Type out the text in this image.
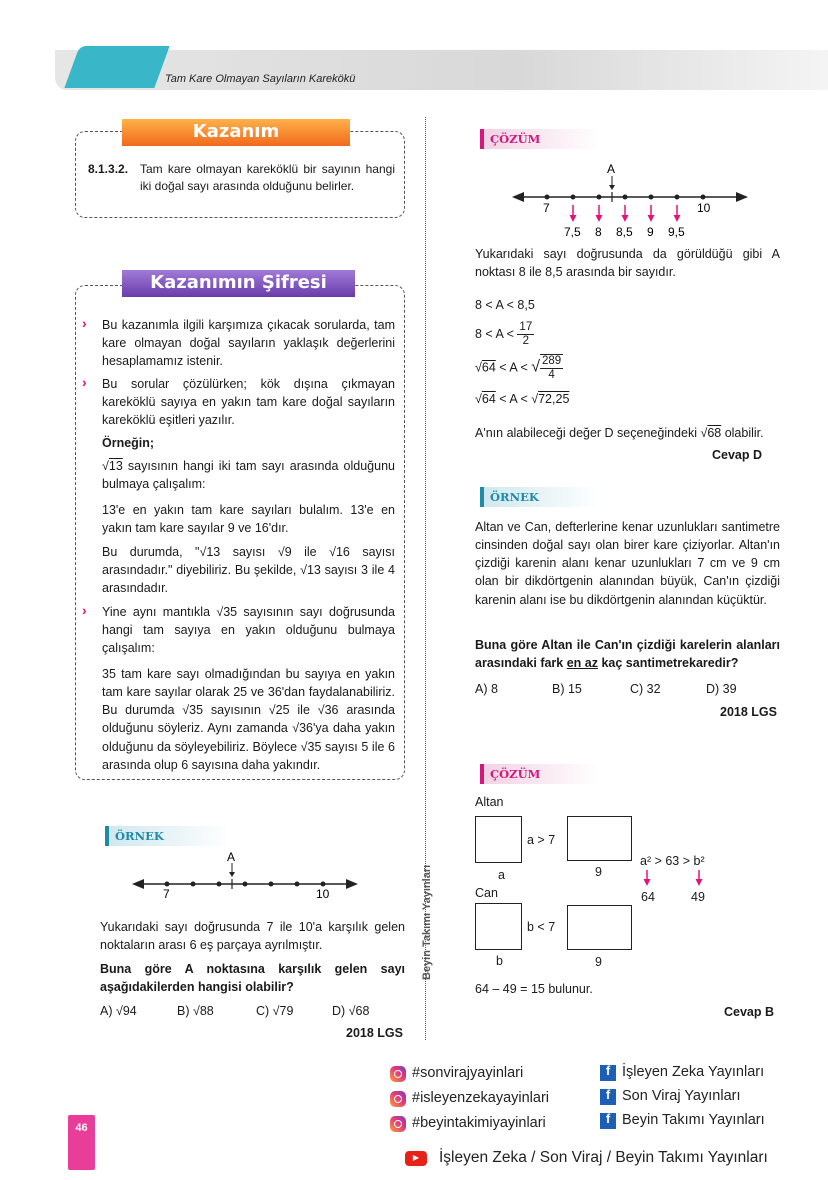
Tam Kare Olmayan Sayıların Karekökü
Kazanım
8.1.3.2. Tam kare olmayan kareköklü bir sayının hangi iki doğal sayı arasında olduğunu belirler.
Kazanımın Şifresi
› Bu kazanımla ilgili karşımıza çıkacak sorularda, tam kare olmayan doğal sayıların yaklaşık değerlerini hesaplamamız istenir.
› Bu sorular çözülürken; kök dışına çıkmayan kareköklü sayıya en yakın tam kare doğal sayıların kareköklü eşitleri yazılır.
Örneğin;
√13 sayısının hangi iki tam sayı arasında olduğunu bulmaya çalışalım:
13'e en yakın tam kare sayıları bulalım. 13'e en yakın tam kare sayılar 9 ve 16'dır.
Bu durumda, "√13 sayısı √9 ile √16 sayısı arasındadır." diyebiliriz. Bu şekilde, √13 sayısı 3 ile 4 arasındadır.
› Yine aynı mantıkla √35 sayısının sayı doğrusunda hangi tam sayıya en yakın olduğunu bulmaya çalışalım:
35 tam kare sayı olmadığından bu sayıya en yakın tam kare sayılar olarak 25 ve 36'dan faydalanabiliriz. Bu durumda √35 sayısının √25 ile √36 arasında olduğunu söyleriz. Aynı zamanda √36'ya daha yakın olduğunu da söyleyebiliriz. Böylece √35 sayısı 5 ile 6 arasında olup 6 sayısına daha yakındır.
ÖRNEK
A
7	10
Yukarıdaki sayı doğrusunda 7 ile 10'a karşılık gelen noktaların arası 6 eş parçaya ayrılmıştır.
Buna göre A noktasına karşılık gelen sayı aşağıdakilerden hangisi olabilir?
A) √94	B) √88	C) √79	D) √68
2018 LGS
Beyin Takımı Yayınları
ÇÖZÜM
A
7	10
7,5 8 8,5 9 9,5
Yukarıdaki sayı doğrusunda da görüldüğü gibi A noktası 8 ile 8,5 arasında bir sayıdır.
8 < A < 8,5
$8 < A < \frac{17}{2}$
√64 < A < √ $\frac{289}{4}$
√64 < A < √72,25
A'nın alabileceği değer D seçeneğindeki √68 olabilir.
Cevap D
ÖRNEK
Altan ve Can, defterlerine kenar uzunlukları santimetre cinsinden doğal sayı olan birer kare çiziyorlar. Altan'ın çizdiği karenin alanı kenar uzunlukları 7 cm ve 9 cm olan bir dikdörtgenin alanından büyük, Can'ın çizdiği karenin alanı ise bu dikdörtgenin alanından küçüktür.
Buna göre Altan ile Can'ın çizdiği karelerin alanları arasındaki fark en az kaç santimetrekaredir?
A) 8	B) 15	C) 32	D) 39
2018 LGS
ÇÖZÜM
Altan
a
a > 7
9
a² > 63 > b²
64	49
Can
b
b < 7
9
64 – 49 = 15 bulunur.
Cevap B
46
#sonvirajyayinlari
#isleyenzekayayinlari
#beyintakimiyayinlari
f İşleyen Zeka Yayınları
f Son Viraj Yayınları
f Beyin Takımı Yayınları
▶	İşleyen Zeka / Son Viraj / Beyin Takımı Yayınları
